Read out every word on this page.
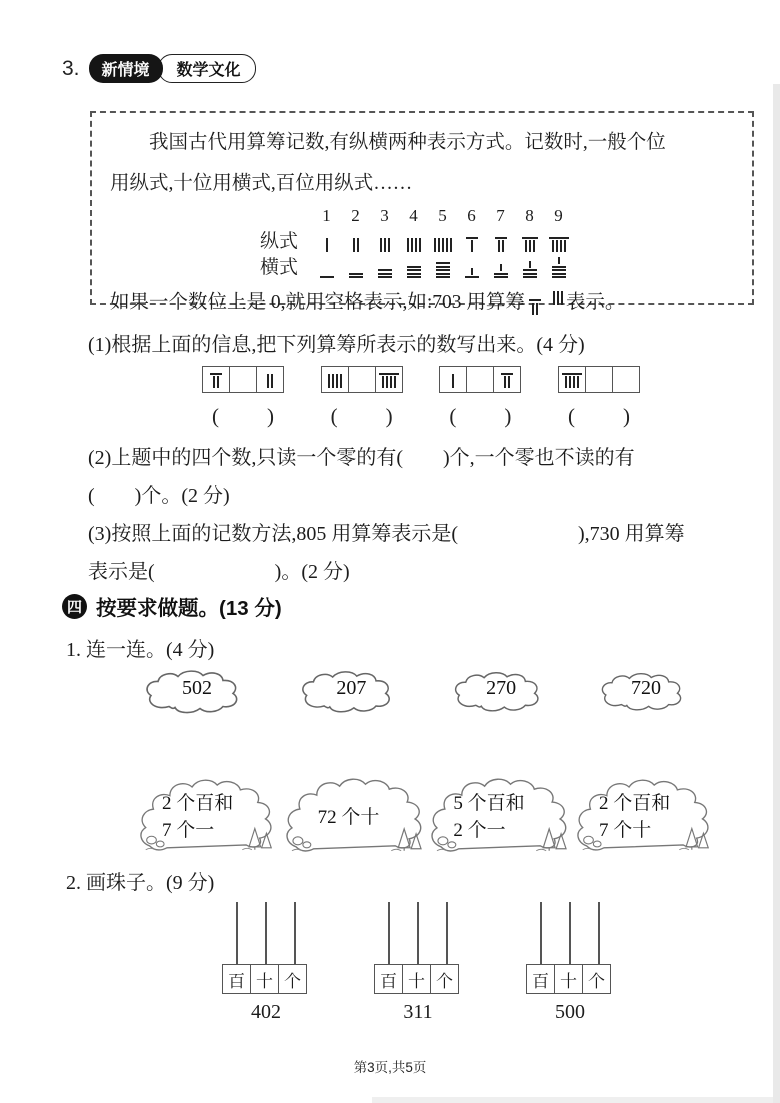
3.	新情境	数学文化
我国古代用算筹记数,有纵横两种表示方式。记数时,一般个位
用纵式,十位用横式,百位用纵式……
1	2	3	4	5	6	7	8	9
纵式
横式
如果一个数位上是 0,就用空格表示,如:703 用算筹 表示。
(1)根据上面的信息,把下列算筹所表示的数写出来。(4 分)
( )	( )	( )	( )
(2)上题中的四个数,只读一个零的有(　　)个,一个零也不读的有
(　　)个。(2 分)
(3)按照上面的记数方法,805 用算筹表示是(　　　　　　),730 用算筹
表示是(　　　　　　)。(2 分)
四 按要求做题。(13 分)
1. 连一连。(4 分)
502	207	270	720
2 个百和
7 个一
72 个十
5 个百和
2 个一
2 个百和
7 个十
2. 画珠子。(9 分)
百 十 个
402
百 十 个
311
百 十 个
500
第3页,共5页
